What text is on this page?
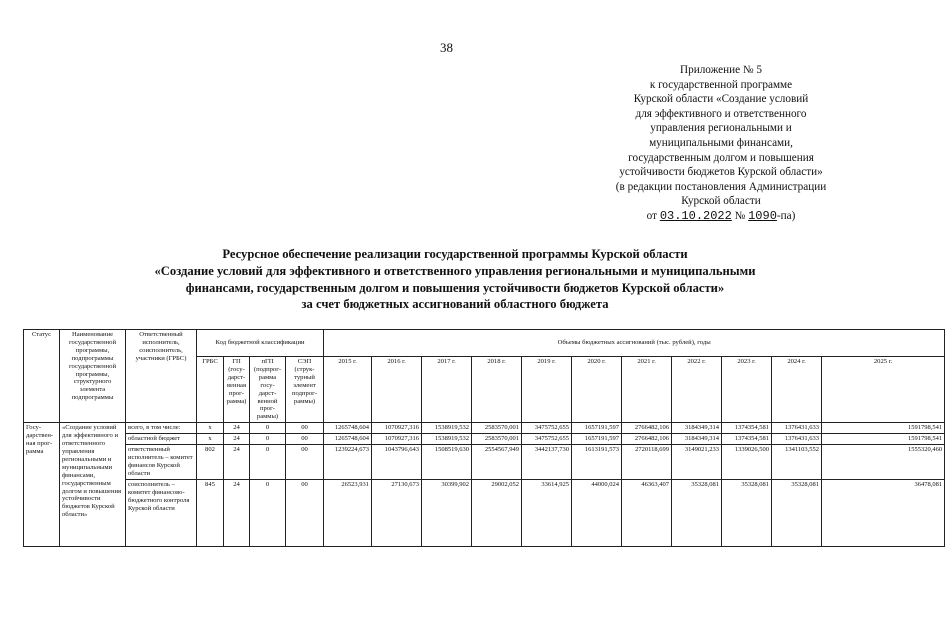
38
Приложение № 5
к государственной программе
Курской области «Создание условий
для эффективного и ответственного
управления региональными и
муниципальными финансами,
государственным долгом и повышения
устойчивости бюджетов Курской области»
(в редакции постановления Администрации
Курской области
от 03.10.2022 № 1090-па)
Ресурсное обеспечение реализации государственной программы Курской области
«Создание условий для эффективного и ответственного управления региональными и муниципальными
финансами, государственным долгом и повышения устойчивости бюджетов Курской области»
за счет бюджетных ассигнований областного бюджета
Статус	Наименование государственной программы, подпрограммы государственной программы, структурного элемента подпрограммы	Ответственный исполнитель, соисполнитель, участники (ГРБС)	Код бюджетной классификации				Объемы бюджетных ассигнований (тыс. рублей), годы										
			ГРБС	ГП (госу-дарст-венная прог-рамма)	пГП (подпрог-рамма госу-дарст-венной прог-раммы)	СЭП (струк-турный элемент подпрог-раммы)	2015 г.	2016 г.	2017 г.	2018 г.	2019 г.	2020 г.	2021 г.	2022 г.	2023 г.	2024 г.	2025 г.
Госу-дарствен-ная прог-рамма	«Создание условий для эффективного и ответственного управления региональными и муниципальными финансами, государственным долгом и повышения устойчивости бюджетов Курской области»	всего, в том числе:	х	24	0	00	1265748,604	1070927,316	1538919,532	2583570,001	3475752,655	1657191,597	2766482,106	3184349,314	1374354,581	1376431,633	1591798,541
		областной бюджет	х	24	0	00	1265748,604	1070927,316	1538919,532	2583570,001	3475752,655	1657191,597	2766482,106	3184349,314	1374354,581	1376431,633	1591798,541
		ответственный исполнитель – комитет финансов Курской области	802	24	0	00	1239224,673	1043796,643	1508519,630	2554567,949	3442137,730	1613191,573	2720118,699	3149021,233	1339026,500	1341103,552	1555320,460
		соисполнитель – комитет финансово-бюджетного контроля Курской области	845	24	0	00	26523,931	27130,673	30399,902	29002,052	33614,925	44000,024	46363,407	35328,081	35328,081	35328,081	36478,081
